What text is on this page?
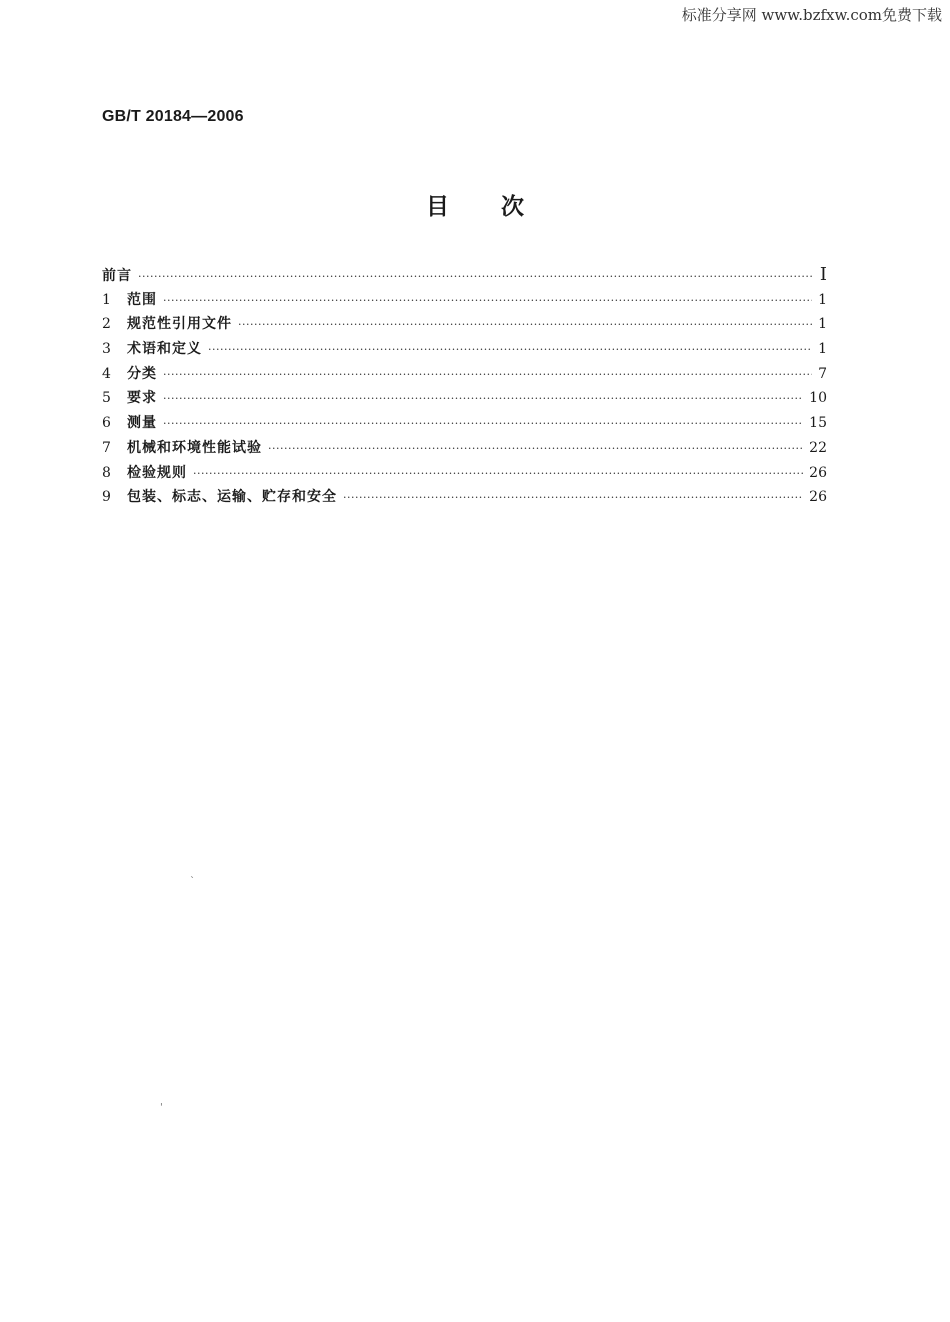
标准分享网 www.bzfxw.com免费下载
GB/T 20184—2006
目次
前言 ·····	I
1	范围 ·····	1
2	规范性引用文件 ·····	1
3	术语和定义 ·····	1
4	分类 ·····	7
5	要求 ·····	10
6	测量 ·····	15
7	机械和环境性能试验 ·····	22
8	检验规则 ·····	26
9	包装、标志、运输、贮存和安全 ·····	26
`
'
